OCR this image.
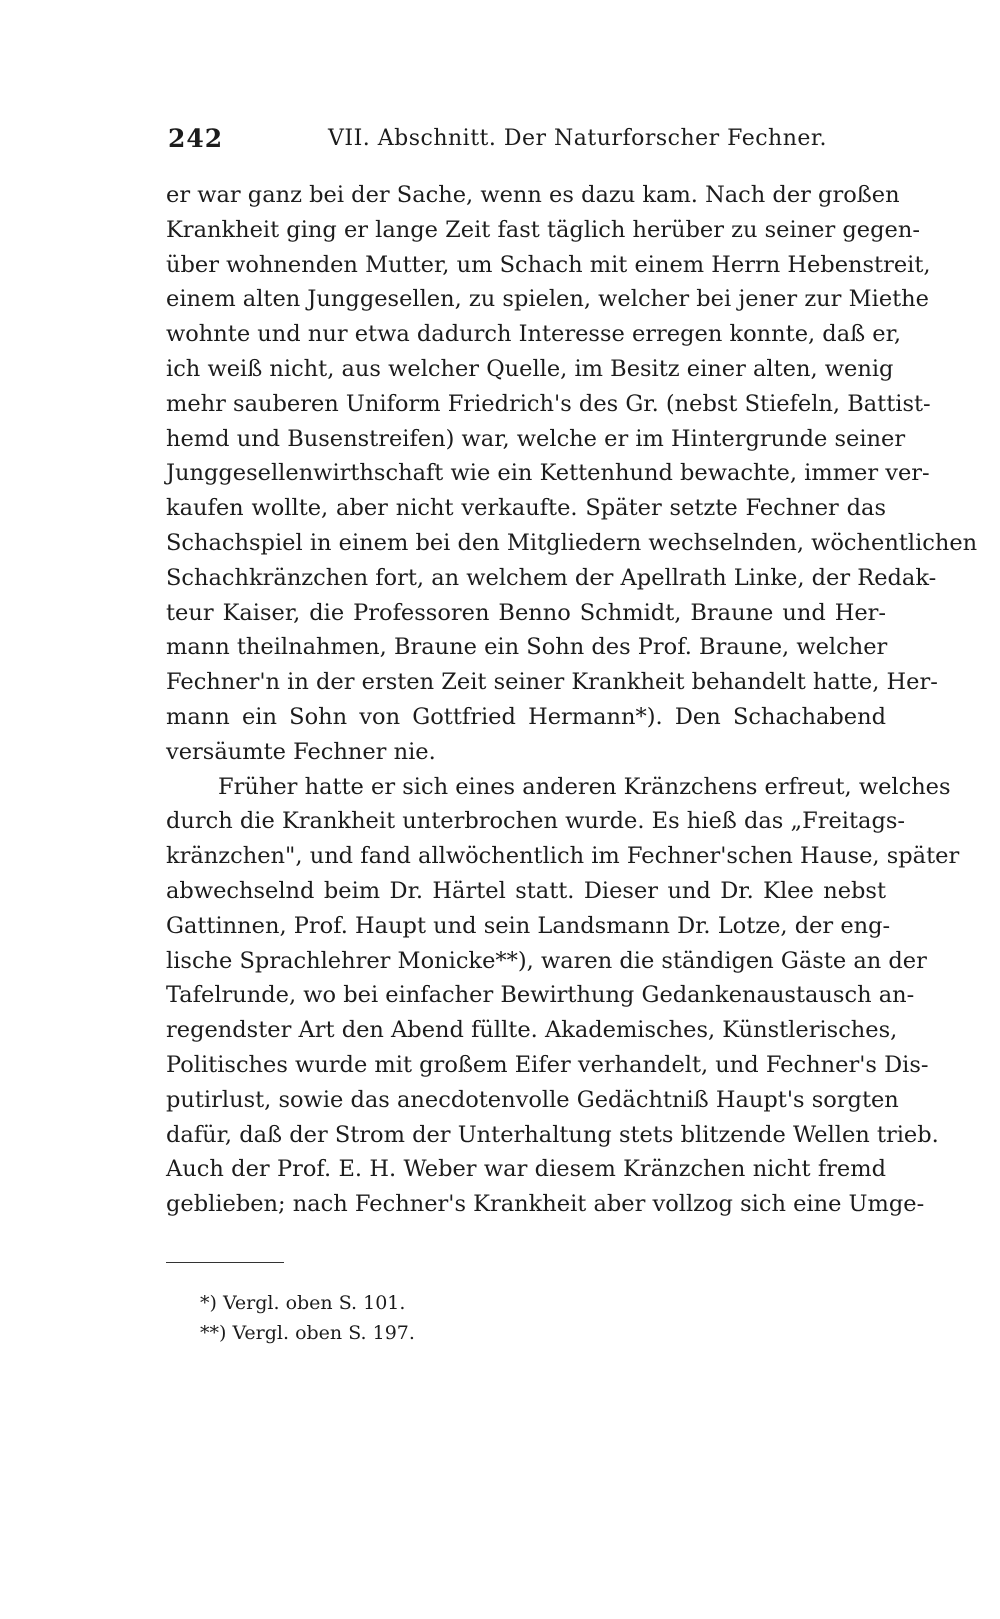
242	VII. Abschnitt. Der Naturforscher Fechner.
er war ganz bei der Sache, wenn es dazu kam. Nach der großen
Krankheit ging er lange Zeit fast täglich herüber zu seiner gegen-
über wohnenden Mutter, um Schach mit einem Herrn Hebenstreit,
einem alten Junggesellen, zu spielen, welcher bei jener zur Miethe
wohnte und nur etwa dadurch Interesse erregen konnte, daß er,
ich weiß nicht, aus welcher Quelle, im Besitz einer alten, wenig
mehr sauberen Uniform Friedrich's des Gr. (nebst Stiefeln, Battist-
hemd und Busenstreifen) war, welche er im Hintergrunde seiner
Junggesellenwirthschaft wie ein Kettenhund bewachte, immer ver-
kaufen wollte, aber nicht verkaufte. Später setzte Fechner das
Schachspiel in einem bei den Mitgliedern wechselnden, wöchentlichen
Schachkränzchen fort, an welchem der Apellrath Linke, der Redak-
teur Kaiser, die Professoren Benno Schmidt, Braune und Her-
mann theilnahmen, Braune ein Sohn des Prof. Braune, welcher
Fechner'n in der ersten Zeit seiner Krankheit behandelt hatte, Her-
mann ein Sohn von Gottfried Hermann*). Den Schachabend
versäumte Fechner nie.
Früher hatte er sich eines anderen Kränzchens erfreut, welches
durch die Krankheit unterbrochen wurde. Es hieß das „Freitags-
kränzchen", und fand allwöchentlich im Fechner'schen Hause, später
abwechselnd beim Dr. Härtel statt. Dieser und Dr. Klee nebst
Gattinnen, Prof. Haupt und sein Landsmann Dr. Lotze, der eng-
lische Sprachlehrer Monicke**), waren die ständigen Gäste an der
Tafelrunde, wo bei einfacher Bewirthung Gedankenaustausch an-
regendster Art den Abend füllte. Akademisches, Künstlerisches,
Politisches wurde mit großem Eifer verhandelt, und Fechner's Dis-
putirlust, sowie das anecdotenvolle Gedächtniß Haupt's sorgten
dafür, daß der Strom der Unterhaltung stets blitzende Wellen trieb.
Auch der Prof. E. H. Weber war diesem Kränzchen nicht fremd
geblieben; nach Fechner's Krankheit aber vollzog sich eine Umge-
*) Vergl. oben S. 101.
**) Vergl. oben S. 197.
